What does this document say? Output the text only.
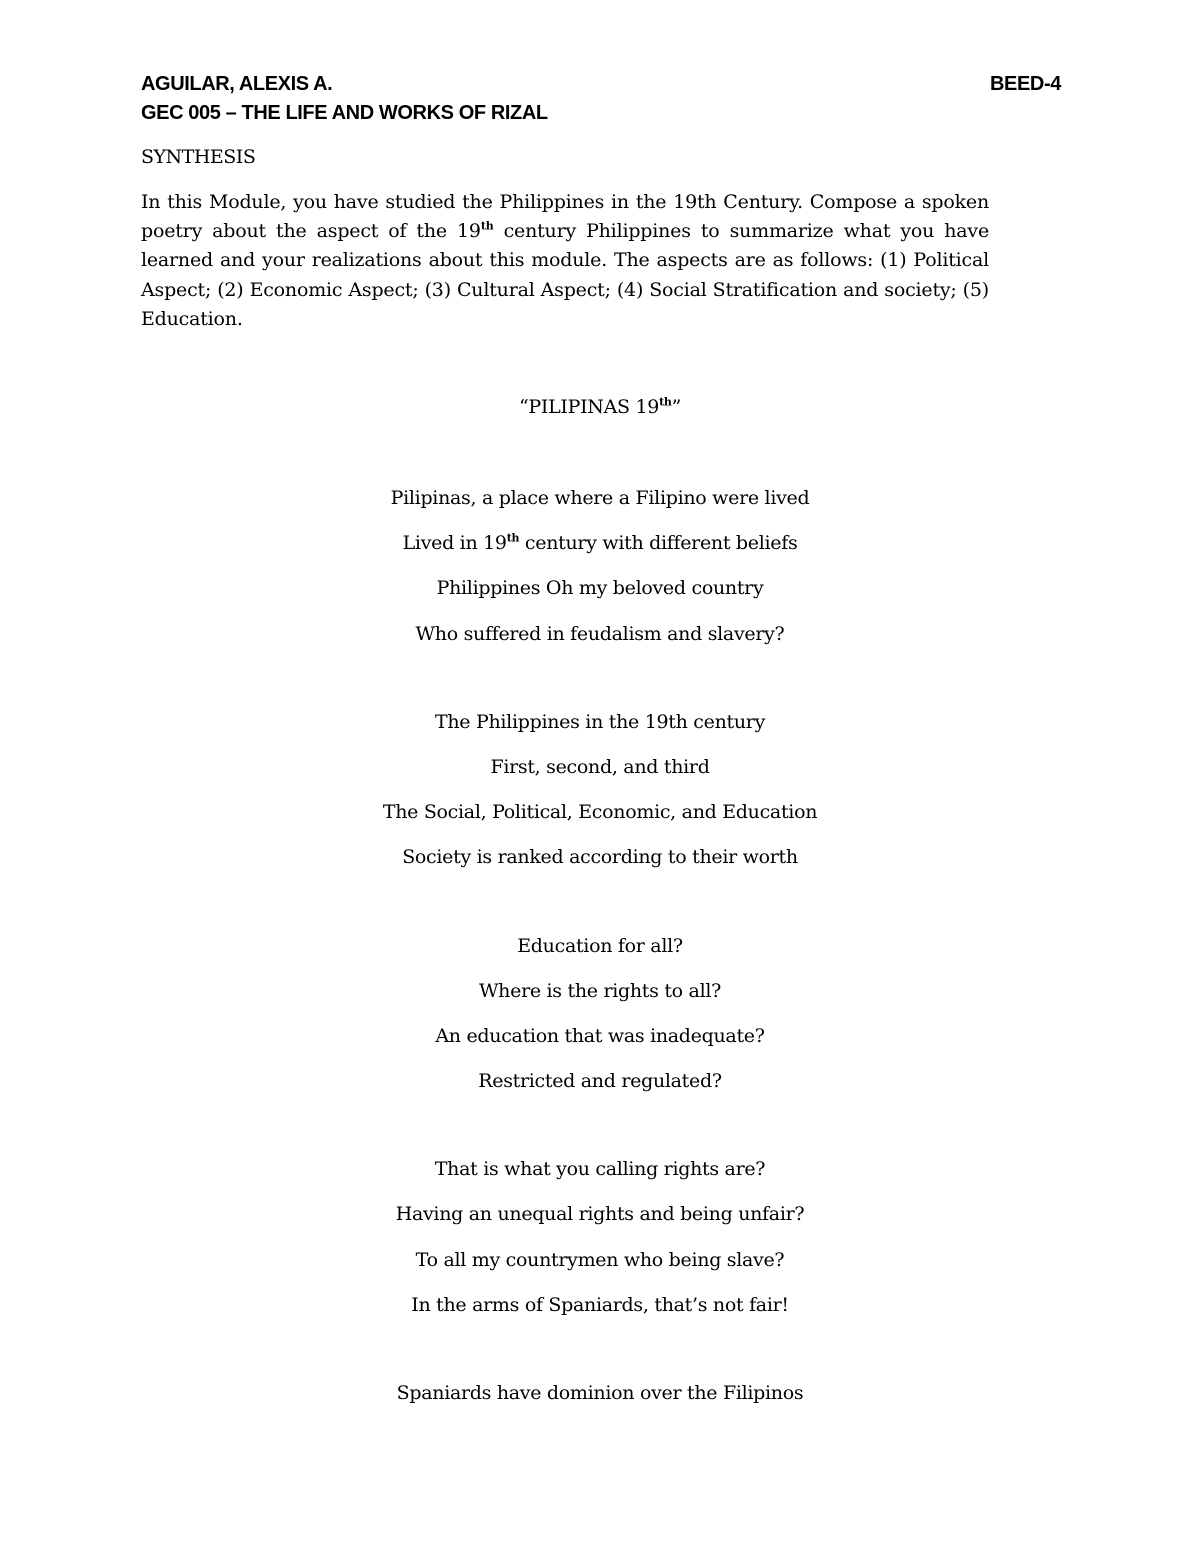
AGUILAR, ALEXIS A.	BEED-4
GEC 005 – THE LIFE AND WORKS OF RIZAL
SYNTHESIS

In this Module, you have studied the Philippines in the 19th Century. Compose a spoken poetry about the aspect of the 19th century Philippines to summarize what you have learned and your realizations about this module. The aspects are as follows: (1) Political Aspect; (2) Economic Aspect; (3) Cultural Aspect; (4) Social Stratification and society; (5) Education.

“PILIPINAS 19th”
Pilipinas, a place where a Filipino were lived
Lived in 19th century with different beliefs
Philippines Oh my beloved country
Who suffered in feudalism and slavery?
The Philippines in the 19th century
First, second, and third
The Social, Political, Economic, and Education
Society is ranked according to their worth
Education for all?
Where is the rights to all?
An education that was inadequate?
Restricted and regulated?
That is what you calling rights are?
Having an unequal rights and being unfair?
To all my countrymen who being slave?
In the arms of Spaniards, that’s not fair!
Spaniards have dominion over the Filipinos
